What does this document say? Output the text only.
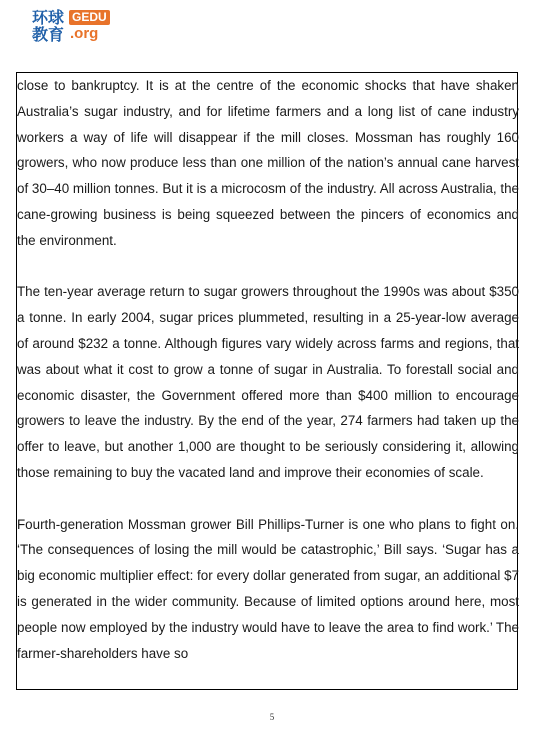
环球
教育
GEDU
.org

close to bankruptcy. It is at the centre of the economic shocks that have shaken Australia’s sugar industry, and for lifetime farmers and a long list of cane industry workers a way of life will disappear if the mill closes. Mossman has roughly 160 growers, who now produce less than one million of the nation’s annual cane harvest of 30–40 million tonnes. But it is a microcosm of the industry. All across Australia, the cane-growing business is being squeezed between the pincers of economics and the environment.

The ten-year average return to sugar growers throughout the 1990s was about $350 a tonne. In early 2004, sugar prices plummeted, resulting in a 25-year-low average of around $232 a tonne. Although figures vary widely across farms and regions, that was about what it cost to grow a tonne of sugar in Australia. To forestall social and economic disaster, the Government offered more than $400 million to encourage growers to leave the industry. By the end of the year, 274 farmers had taken up the offer to leave, but another 1,000 are thought to be seriously considering it, allowing those remaining to buy the vacated land and improve their economies of scale.

Fourth-generation Mossman grower Bill Phillips-Turner is one who plans to fight on. ‘The consequences of losing the mill would be catastrophic,’ Bill says. ‘Sugar has a big economic multiplier effect: for every dollar generated from sugar, an additional $7 is generated in the wider community. Because of limited options around here, most people now employed by the industry would have to leave the area to find work.’ The farmer-shareholders have so

5
